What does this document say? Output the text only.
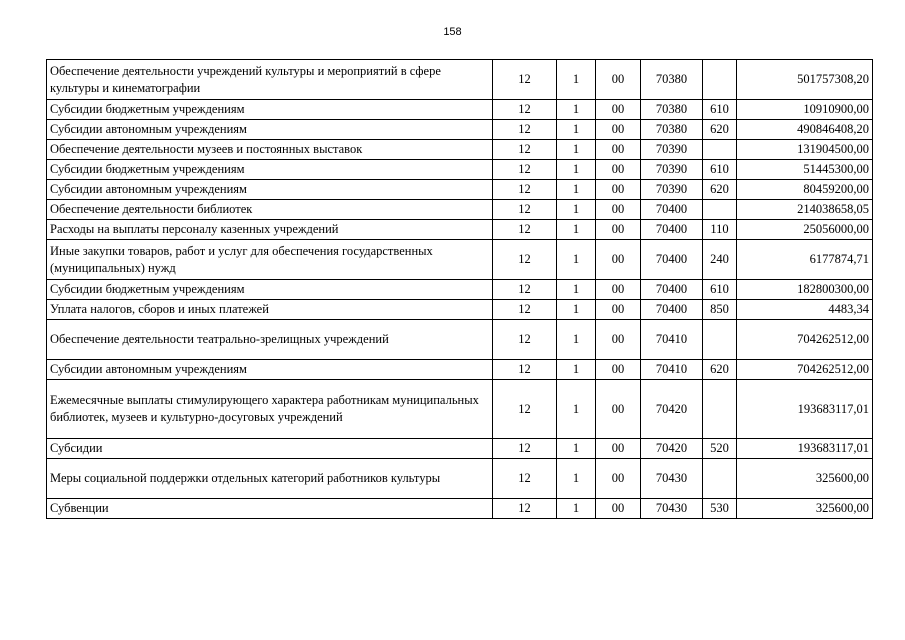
158
Обеспечение деятельности учреждений культуры и мероприятий в сфере культуры и кинематографии	12	1	00	70380		501757308,20
Субсидии бюджетным учреждениям	12	1	00	70380	610	10910900,00
Субсидии автономным учреждениям	12	1	00	70380	620	490846408,20
Обеспечение деятельности музеев и постоянных выставок	12	1	00	70390		131904500,00
Субсидии бюджетным учреждениям	12	1	00	70390	610	51445300,00
Субсидии автономным учреждениям	12	1	00	70390	620	80459200,00
Обеспечение деятельности библиотек	12	1	00	70400		214038658,05
Расходы на выплаты персоналу казенных учреждений	12	1	00	70400	110	25056000,00
Иные закупки товаров, работ и услуг для обеспечения государственных (муниципальных) нужд	12	1	00	70400	240	6177874,71
Субсидии бюджетным учреждениям	12	1	00	70400	610	182800300,00
Уплата налогов, сборов и иных платежей	12	1	00	70400	850	4483,34
Обеспечение деятельности театрально-зрелищных учреждений	12	1	00	70410		704262512,00
Субсидии автономным учреждениям	12	1	00	70410	620	704262512,00
Ежемесячные выплаты стимулирующего характера работникам муниципальных библиотек, музеев и культурно-досуговых учреждений	12	1	00	70420		193683117,01
Субсидии	12	1	00	70420	520	193683117,01
Меры социальной поддержки отдельных категорий работников культуры	12	1	00	70430		325600,00
Субвенции	12	1	00	70430	530	325600,00
